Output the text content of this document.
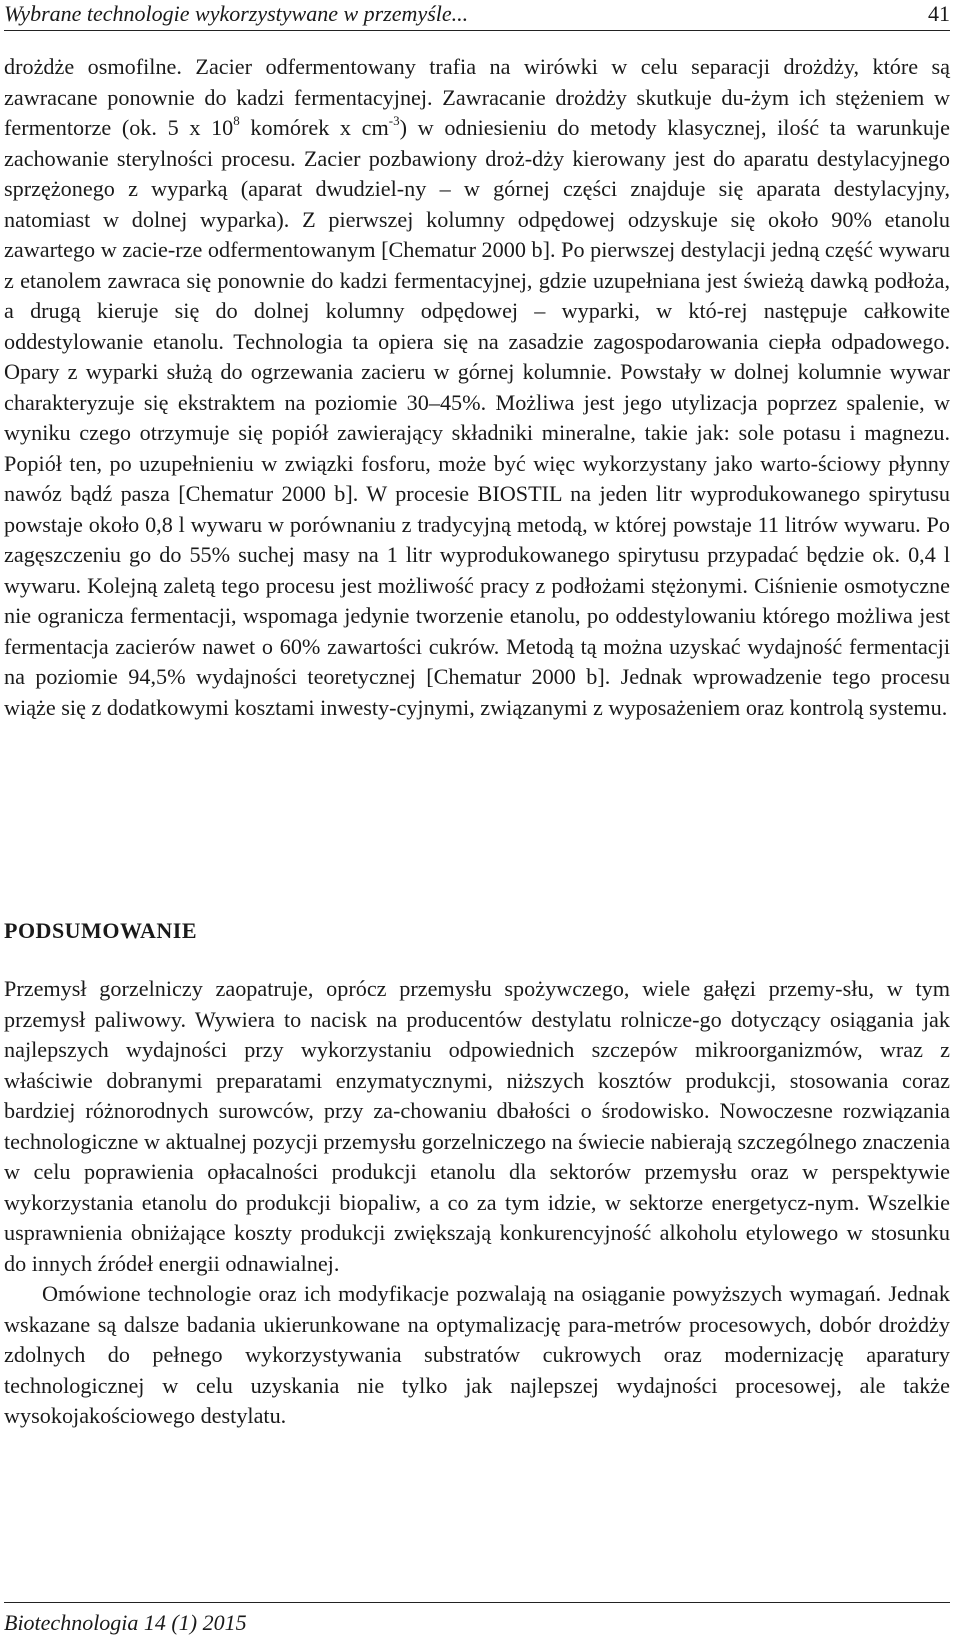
Wybrane technologie wykorzystywane w przemyśle...	41

drożdże osmofilne. Zacier odfermentowany trafia na wirówki w celu separacji drożdży, które są zawracane ponownie do kadzi fermentacyjnej. Zawracanie drożdży skutkuje du-żym ich stężeniem w fermentorze (ok. 5 x $10^8$ komórek x $cm^{-3}$) w odniesieniu do metody klasycznej, ilość ta warunkuje zachowanie sterylności procesu. Zacier pozbawiony droż-dży kierowany jest do aparatu destylacyjnego sprzężonego z wyparką (aparat dwudziel-ny – w górnej części znajduje się aparata destylacyjny, natomiast w dolnej wyparka). Z pierwszej kolumny odpędowej odzyskuje się około 90% etanolu zawartego w zacie-rze odfermentowanym [Chematur 2000 b]. Po pierwszej destylacji jedną część wywaru z etanolem zawraca się ponownie do kadzi fermentacyjnej, gdzie uzupełniana jest świeżą dawką podłoża, a drugą kieruje się do dolnej kolumny odpędowej – wyparki, w któ-rej następuje całkowite oddestylowanie etanolu. Technologia ta opiera się na zasadzie zagospodarowania ciepła odpadowego. Opary z wyparki służą do ogrzewania zacieru w górnej kolumnie. Powstały w dolnej kolumnie wywar charakteryzuje się ekstraktem na poziomie 30–45%. Możliwa jest jego utylizacja poprzez spalenie, w wyniku czego otrzymuje się popiół zawierający składniki mineralne, takie jak: sole potasu i magnezu. Popiół ten, po uzupełnieniu w związki fosforu, może być więc wykorzystany jako warto-ściowy płynny nawóz bądź pasza [Chematur 2000 b]. W procesie BIOSTIL na jeden litr wyprodukowanego spirytusu powstaje około 0,8 l wywaru w porównaniu z tradycyjną metodą, w której powstaje 11 litrów wywaru. Po zagęszczeniu go do 55% suchej masy na 1 litr wyprodukowanego spirytusu przypadać będzie ok. 0,4 l wywaru. Kolejną zaletą tego procesu jest możliwość pracy z podłożami stężonymi. Ciśnienie osmotyczne nie ogranicza fermentacji, wspomaga jedynie tworzenie etanolu, po oddestylowaniu którego możliwa jest fermentacja zacierów nawet o 60% zawartości cukrów. Metodą tą można uzyskać wydajność fermentacji na poziomie 94,5% wydajności teoretycznej [Chematur 2000 b]. Jednak wprowadzenie tego procesu wiąże się z dodatkowymi kosztami inwesty-cyjnymi, związanymi z wyposażeniem oraz kontrolą systemu.

PODSUMOWANIE

Przemysł gorzelniczy zaopatruje, oprócz przemysłu spożywczego, wiele gałęzi przemy-słu, w tym przemysł paliwowy. Wywiera to nacisk na producentów destylatu rolnicze-go dotyczący osiągania jak najlepszych wydajności przy wykorzystaniu odpowiednich szczepów mikroorganizmów, wraz z właściwie dobranymi preparatami enzymatycznymi, niższych kosztów produkcji, stosowania coraz bardziej różnorodnych surowców, przy za-chowaniu dbałości o środowisko. Nowoczesne rozwiązania technologiczne w aktualnej pozycji przemysłu gorzelniczego na świecie nabierają szczególnego znaczenia w celu poprawienia opłacalności produkcji etanolu dla sektorów przemysłu oraz w perspektywie wykorzystania etanolu do produkcji biopaliw, a co za tym idzie, w sektorze energetycz-nym. Wszelkie usprawnienia obniżające koszty produkcji zwiększają konkurencyjność alkoholu etylowego w stosunku do innych źródeł energii odnawialnej.

Omówione technologie oraz ich modyfikacje pozwalają na osiąganie powyższych wymagań. Jednak wskazane są dalsze badania ukierunkowane na optymalizację para-metrów procesowych, dobór drożdży zdolnych do pełnego wykorzystywania substratów cukrowych oraz modernizację aparatury technologicznej w celu uzyskania nie tylko jak najlepszej wydajności procesowej, ale także wysokojakościowego destylatu.

Biotechnologia 14 (1) 2015
